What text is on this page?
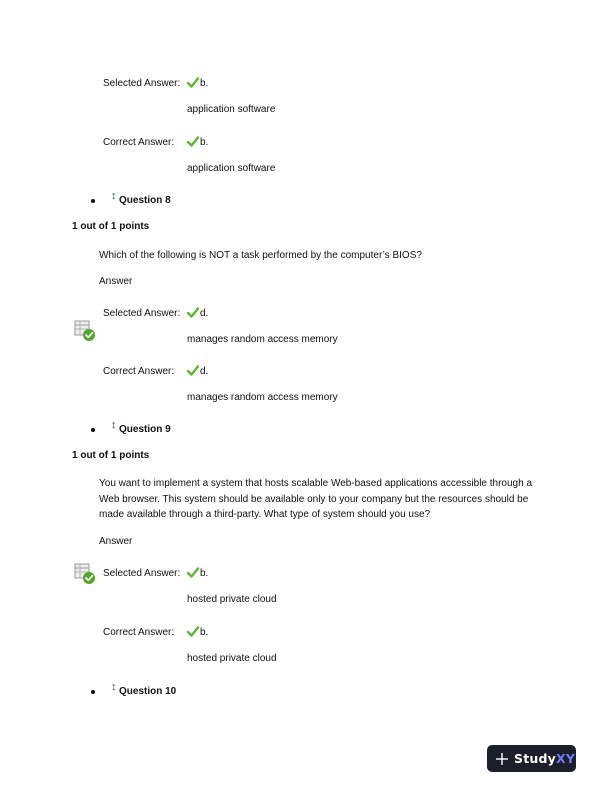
Selected Answer:	b.
application software
Correct Answer:	b.
application software
↕ Question 8
1 out of 1 points
Which of the following is NOT a task performed by the computer’s BIOS?
Answer
Selected Answer:	d.
manages random access memory
Correct Answer:	d.
manages random access memory
↕ Question 9
1 out of 1 points
You want to implement a system that hosts scalable Web-based applications accessible through a Web browser. This system should be available only to your company but the resources should be made available through a third-party. What type of system should you use?
Answer
Selected Answer:	b.
hosted private cloud
Correct Answer:	b.
hosted private cloud
↕ Question 10
StudyXY
